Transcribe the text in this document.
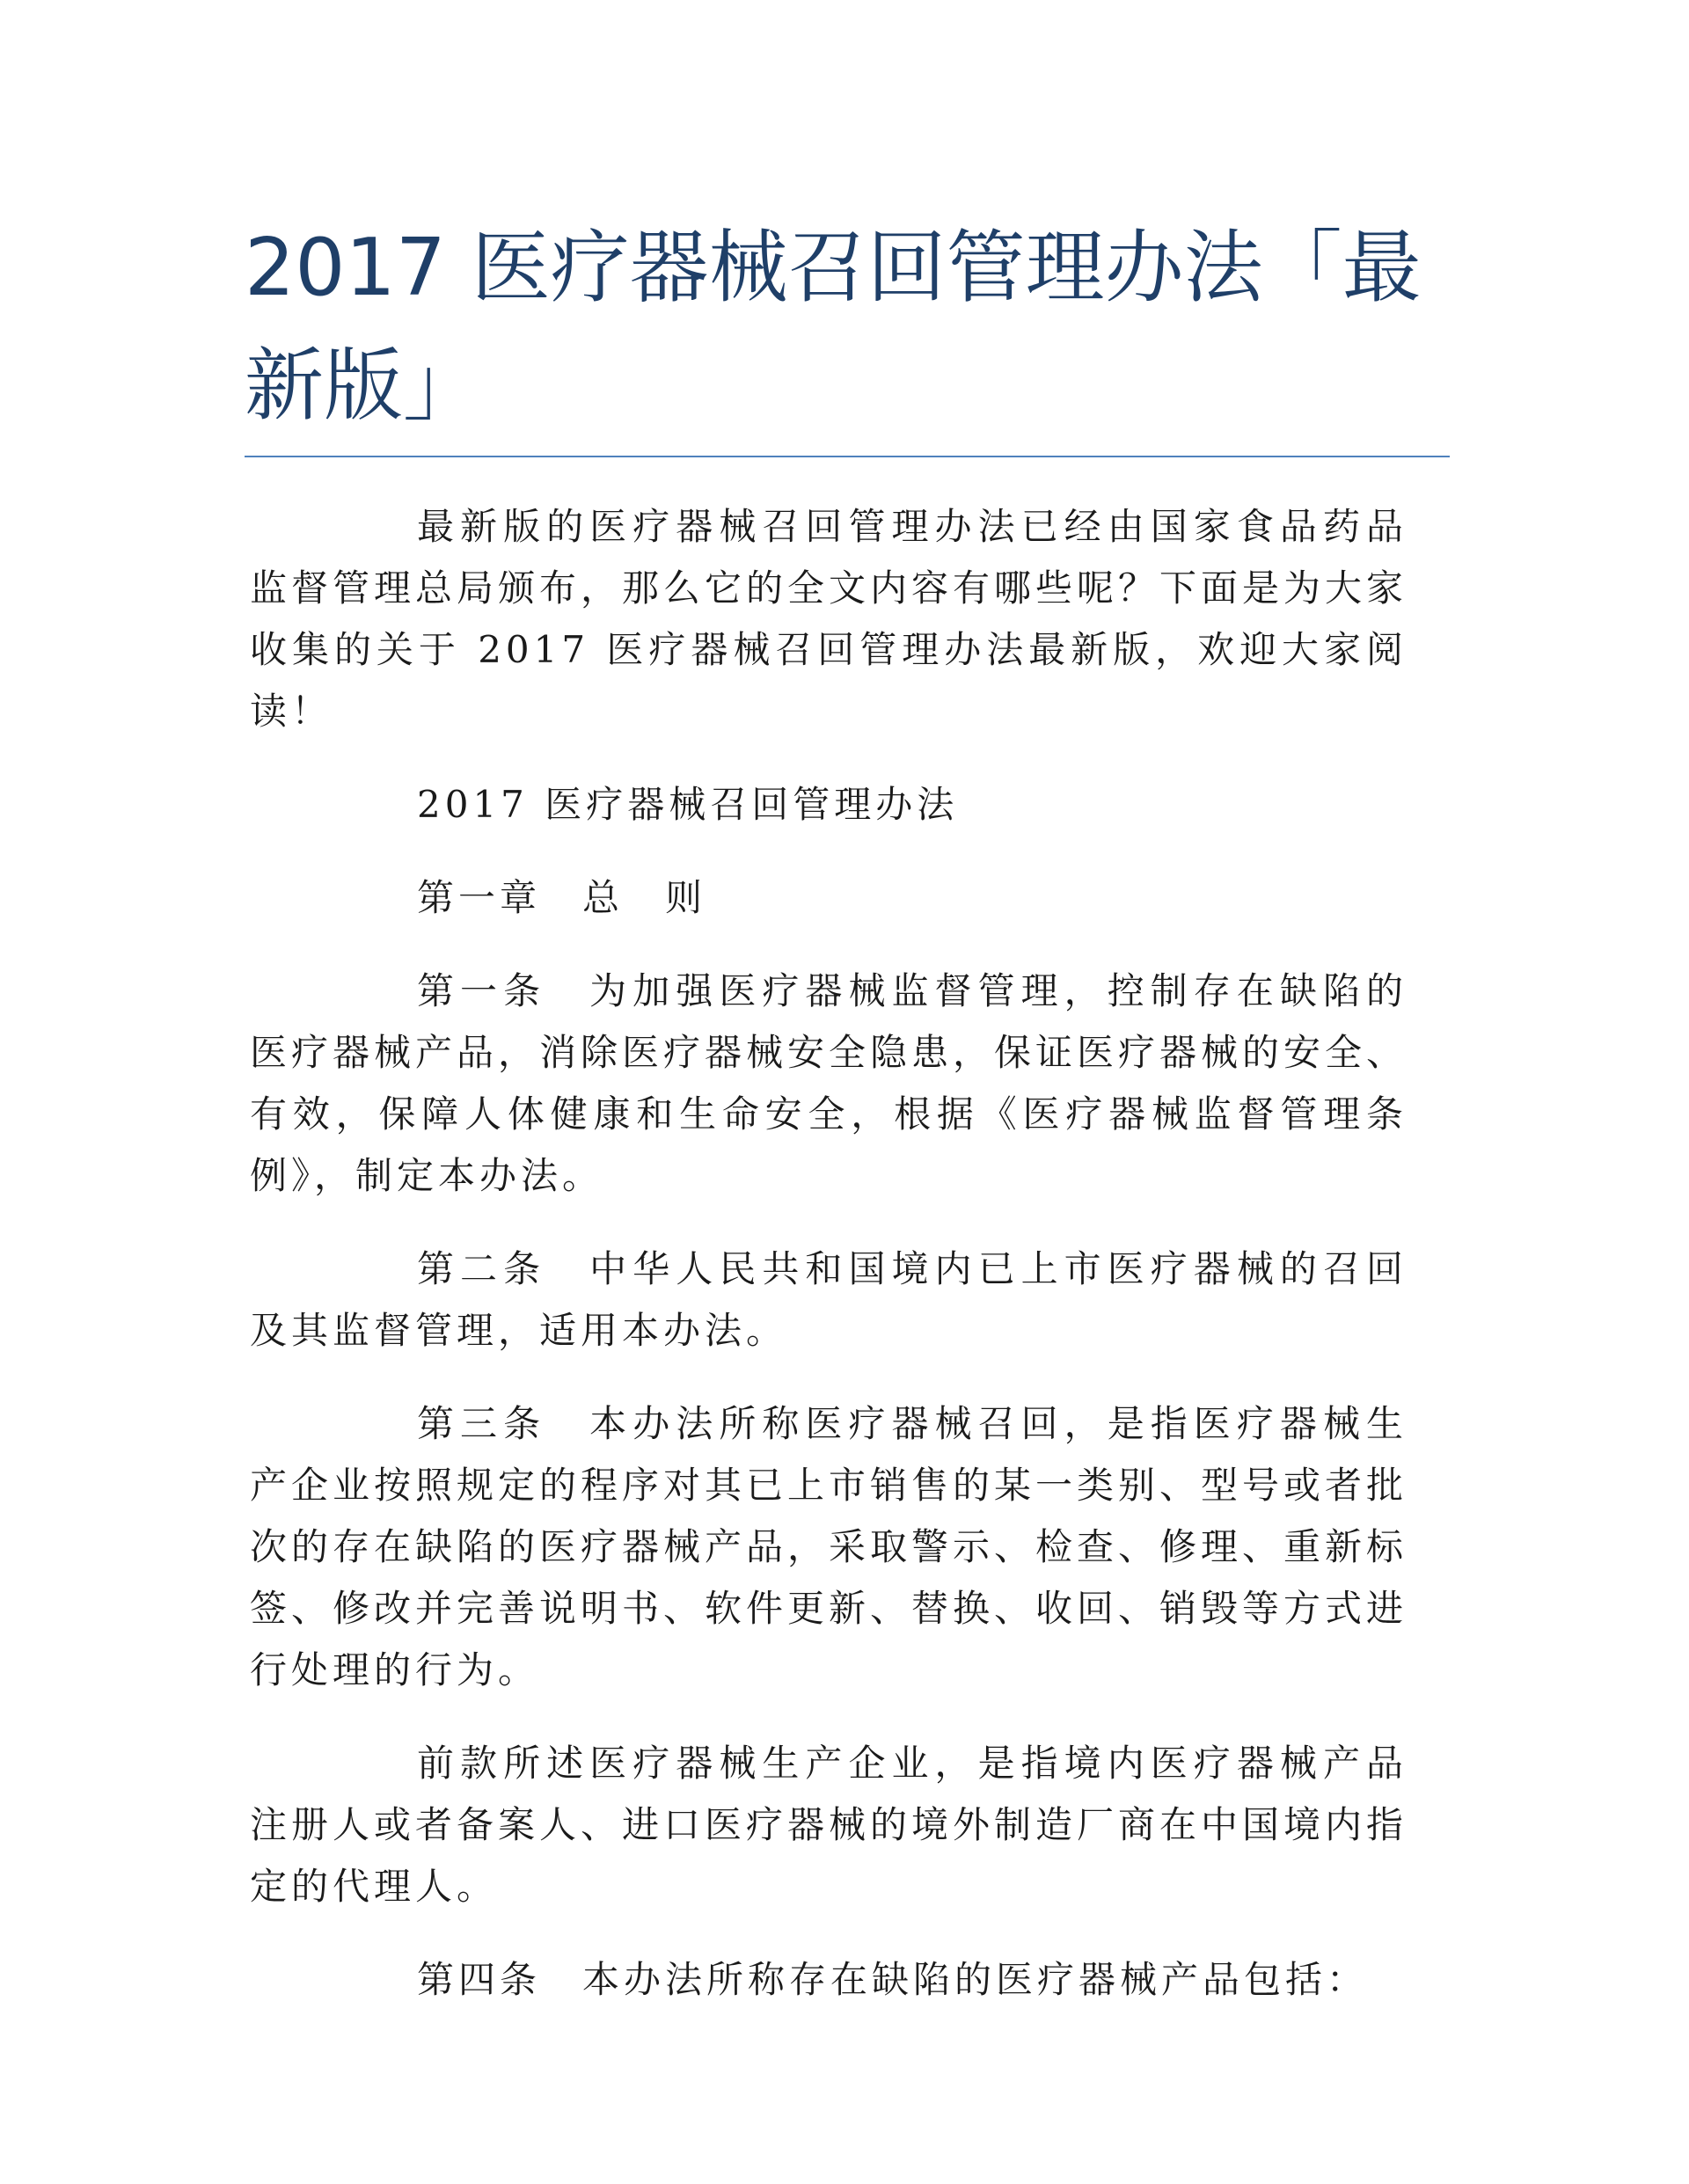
2017 医疗器械召回管理办法「最新版」

最新版的医疗器械召回管理办法已经由国家食品药品监督管理总局颁布，那么它的全文内容有哪些呢？下面是为大家收集的关于 2017 医疗器械召回管理办法最新版，欢迎大家阅读！

2017 医疗器械召回管理办法

第一章　总　则

第一条　为加强医疗器械监督管理，控制存在缺陷的医疗器械产品，消除医疗器械安全隐患，保证医疗器械的安全、有效，保障人体健康和生命安全，根据《医疗器械监督管理条例》，制定本办法。

第二条　中华人民共和国境内已上市医疗器械的召回及其监督管理，适用本办法。

第三条　本办法所称医疗器械召回，是指医疗器械生产企业按照规定的程序对其已上市销售的某一类别、型号或者批次的存在缺陷的医疗器械产品，采取警示、检查、修理、重新标签、修改并完善说明书、软件更新、替换、收回、销毁等方式进行处理的行为。

前款所述医疗器械生产企业，是指境内医疗器械产品注册人或者备案人、进口医疗器械的境外制造厂商在中国境内指定的代理人。

第四条　本办法所称存在缺陷的医疗器械产品包括：
